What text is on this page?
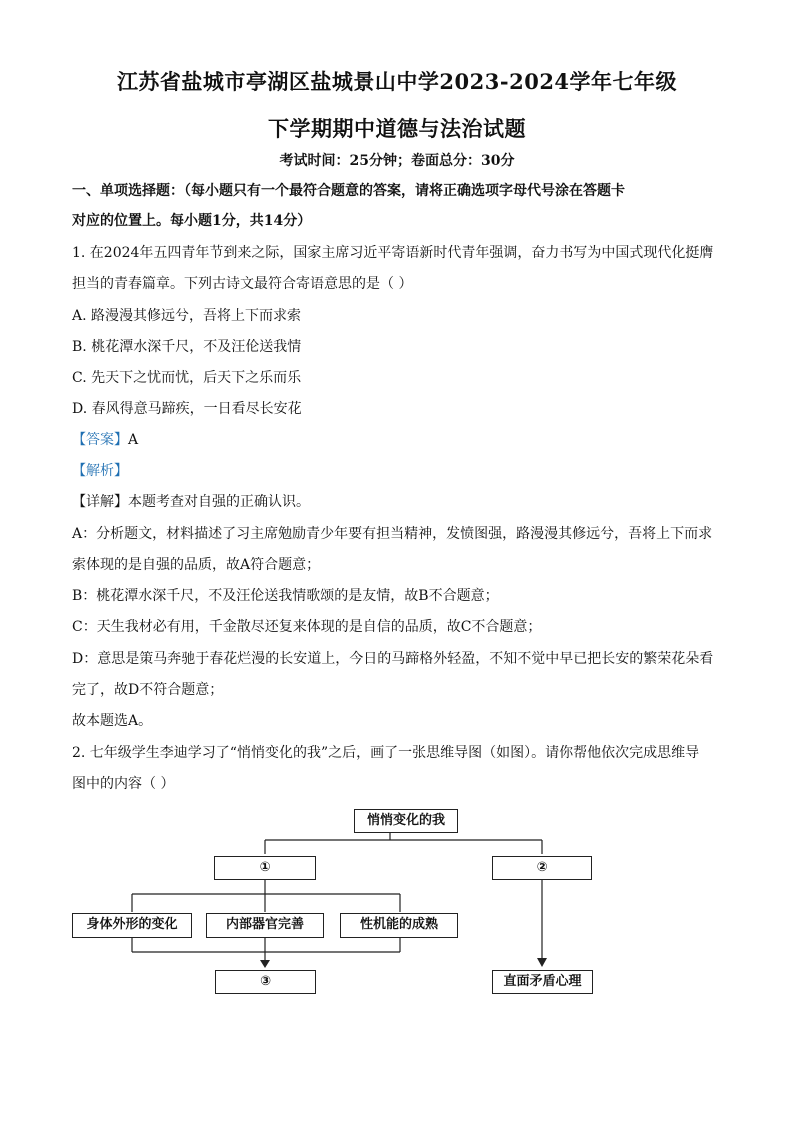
江苏省盐城市亭湖区盐城景山中学2023-2024学年七年级
下学期期中道德与法治试题
考试时间：25分钟；卷面总分：30分
一、单项选择题：（每小题只有一个最符合题意的答案，请将正确选项字母代号涂在答题卡
对应的位置上。每小题1分，共14分）
1. 在2024年五四青年节到来之际，国家主席习近平寄语新时代青年强调，奋力书写为中国式现代化挺膺
担当的青春篇章。下列古诗文最符合寄语意思的是（ ）
A. 路漫漫其修远兮，吾将上下而求索
B. 桃花潭水深千尺，不及汪伦送我情
C. 先天下之忧而忧，后天下之乐而乐
D. 春风得意马蹄疾，一日看尽长安花
【答案】A
【解析】
【详解】本题考查对自强的正确认识。
A：分析题文，材料描述了习主席勉励青少年要有担当精神，发愤图强，路漫漫其修远兮，吾将上下而求
索体现的是自强的品质，故A符合题意；
B：桃花潭水深千尺，不及汪伦送我情歌颂的是友情，故B不合题意；
C：天生我材必有用，千金散尽还复来体现的是自信的品质，故C不合题意；
D：意思是策马奔驰于春花烂漫的长安道上，今日的马蹄格外轻盈，不知不觉中早已把长安的繁荣花朵看
完了，故D不符合题意；
故本题选A。
2. 七年级学生李迪学习了“悄悄变化的我”之后，画了一张思维导图（如图）。请你帮他依次完成思维导
图中的内容（ ）
悄悄变化的我
①	②
身体外形的变化	内部器官完善	性机能的成熟
③	直面矛盾心理
